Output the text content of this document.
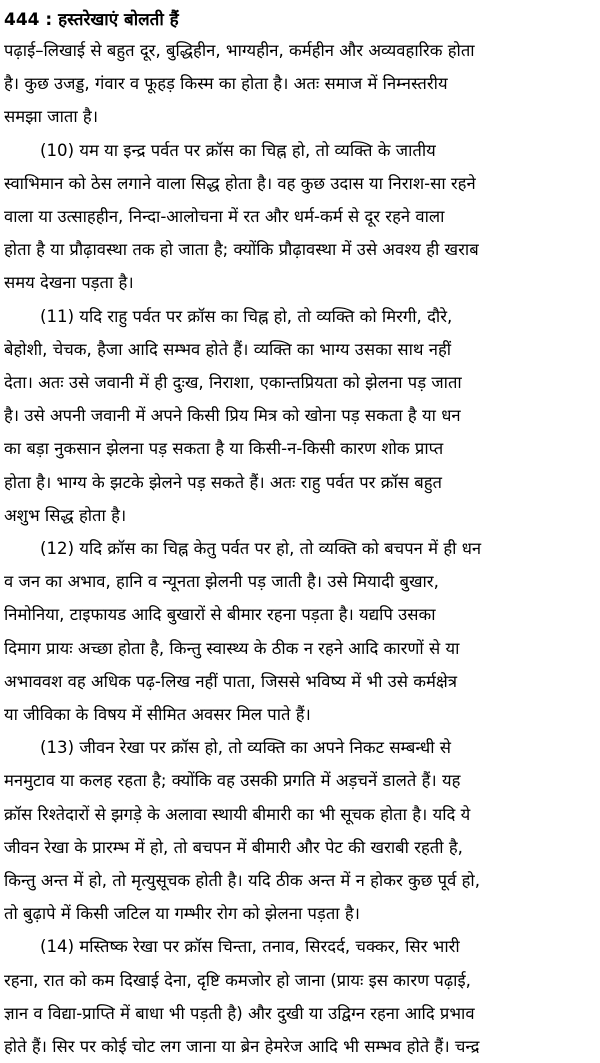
444 : हस्तरेखाएं बोलती हैं
पढ़ाई–लिखाई से बहुत दूर, बुद्धिहीन, भाग्यहीन, कर्महीन और अव्यवहारिक होता
है। कुछ उजड्ड, गंवार व फूहड़ किस्म का होता है। अतः समाज में निम्नस्तरीय
समझा जाता है।
(10) यम या इन्द्र पर्वत पर क्रॉस का चिह्न हो, तो व्यक्ति के जातीय
स्वाभिमान को ठेस लगाने वाला सिद्ध होता है। वह कुछ उदास या निराश-सा रहने
वाला या उत्साहहीन, निन्दा-आलोचना में रत और धर्म-कर्म से दूर रहने वाला
होता है या प्रौढ़ावस्था तक हो जाता है; क्योंकि प्रौढ़ावस्था में उसे अवश्य ही खराब
समय देखना पड़ता है।
(11) यदि राहु पर्वत पर क्रॉस का चिह्न हो, तो व्यक्ति को मिरगी, दौरे,
बेहोशी, चेचक, हैजा आदि सम्भव होते हैं। व्यक्ति का भाग्य उसका साथ नहीं
देता। अतः उसे जवानी में ही दुःख, निराशा, एकान्तप्रियता को झेलना पड़ जाता
है। उसे अपनी जवानी में अपने किसी प्रिय मित्र को खोना पड़ सकता है या धन
का बड़ा नुकसान झेलना पड़ सकता है या किसी-न-किसी कारण शोक प्राप्त
होता है। भाग्य के झटके झेलने पड़ सकते हैं। अतः राहु पर्वत पर क्रॉस बहुत
अशुभ सिद्ध होता है।
(12) यदि क्रॉस का चिह्न केतु पर्वत पर हो, तो व्यक्ति को बचपन में ही धन
व जन का अभाव, हानि व न्यूनता झेलनी पड़ जाती है। उसे मियादी बुखार,
निमोनिया, टाइफायड आदि बुखारों से बीमार रहना पड़ता है। यद्यपि उसका
दिमाग प्रायः अच्छा होता है, किन्तु स्वास्थ्य के ठीक न रहने आदि कारणों से या
अभाववश वह अधिक पढ़-लिख नहीं पाता, जिससे भविष्य में भी उसे कर्मक्षेत्र
या जीविका के विषय में सीमित अवसर मिल पाते हैं।
(13) जीवन रेखा पर क्रॉस हो, तो व्यक्ति का अपने निकट सम्बन्धी से
मनमुटाव या कलह रहता है; क्योंकि वह उसकी प्रगति में अड़चनें डालते हैं। यह
क्रॉस रिश्तेदारों से झगड़े के अलावा स्थायी बीमारी का भी सूचक होता है। यदि ये
जीवन रेखा के प्रारम्भ में हो, तो बचपन में बीमारी और पेट की खराबी रहती है,
किन्तु अन्त में हो, तो मृत्युसूचक होती है। यदि ठीक अन्त में न होकर कुछ पूर्व हो,
तो बुढ़ापे में किसी जटिल या गम्भीर रोग को झेलना पड़ता है।
(14) मस्तिष्क रेखा पर क्रॉस चिन्ता, तनाव, सिरदर्द, चक्कर, सिर भारी
रहना, रात को कम दिखाई देना, दृष्टि कमजोर हो जाना (प्रायः इस कारण पढ़ाई,
ज्ञान व विद्या-प्राप्ति में बाधा भी पड़ती है) और दुखी या उद्विग्न रहना आदि प्रभाव
होते हैं। सिर पर कोई चोट लग जाना या ब्रेन हेमरेज आदि भी सम्भव होते हैं। चन्द्र
